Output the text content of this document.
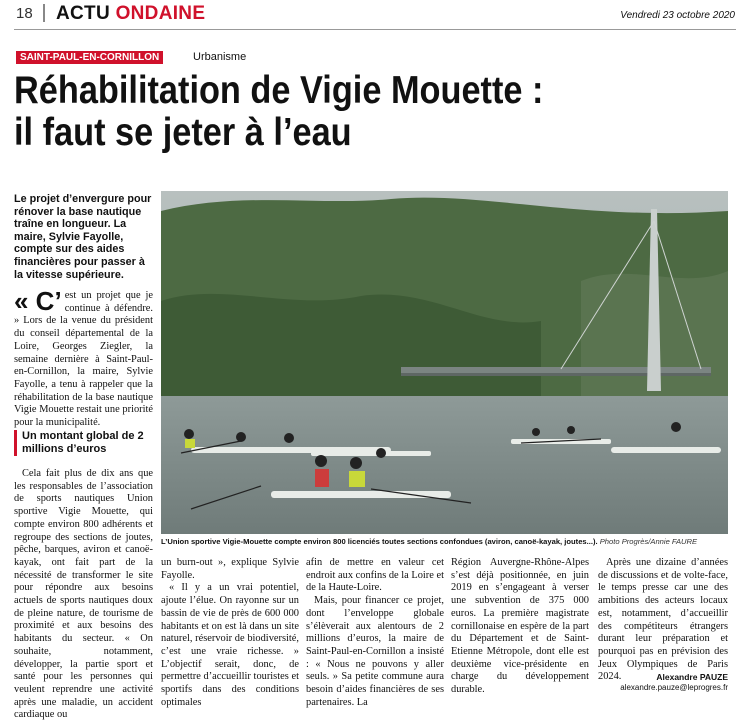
18 ACTU ONDAINE	Vendredi 23 octobre 2020
SAINT-PAUL-EN-CORNILLON	Urbanisme
Réhabilitation de Vigie Mouette :
il faut se jeter à l’eau
Le projet d’envergure pour rénover la base nautique traîne en longueur. La maire, Sylvie Fayolle, compte sur des aides financières pour passer à la vitesse supérieure.
« C’ est un projet que je continue à défendre. » Lors de la venue du président du conseil départemental de la Loire, Georges Ziegler, la semaine dernière à Saint-Paul-en-Cornillon, la maire, Sylvie Fayolle, a tenu à rappeler que la réhabilitation de la base nautique Vigie Mouette restait une priorité pour la municipalité.
Un montant global de 2 millions d’euros

Cela fait plus de dix ans que les responsables de l’association de sports nautiques Union sportive Vigie Mouette, qui compte environ 800 adhérents et regroupe des sections de joutes, pêche, barques, aviron et canoë-kayak, ont fait part de la nécessité de transformer le site pour répondre aux besoins actuels de sports nautiques doux de pleine nature, de tourisme de proximité et aux besoins des habitants du secteur. « On souhaite, notamment, développer, la partie sport et santé pour les personnes qui veulent reprendre une activité après une maladie, un accident cardiaque ou

L’Union sportive Vigie-Mouette compte environ 800 licenciés toutes sections confondues (aviron, canoë-kayak, joutes...). Photo Progrès/Annie FAURE

un burn-out », explique Sylvie Fayolle.

« Il y a un vrai potentiel, ajoute l’élue. On rayonne sur un bassin de vie de près de 600 000 habitants et on est là dans un site naturel, réservoir de biodiversité, c’est une vraie richesse. » L’objectif serait, donc, de permettre d’accueillir touristes et sportifs dans des conditions optimales

afin de mettre en valeur cet endroit aux confins de la Loire et de la Haute-Loire.

Mais, pour financer ce projet, dont l’enveloppe globale s’élèverait aux alentours de 2 millions d’euros, la maire de Saint-Paul-en-Cornillon a insisté : « Nous ne pouvons y aller seuls. » Sa petite commune aura besoin d’aides financières de ses partenaires. La

Région Auvergne-Rhône-Alpes s’est déjà positionnée, en juin 2019 en s’engageant à verser une subvention de 375 000 euros. La première magistrate cornillonaise en espère de la part du Département et de Saint-Etienne Métropole, dont elle est deuxième vice-présidente en charge du développement durable.

Après une dizaine d’années de discussions et de volte-face, le temps presse car une des ambitions des acteurs locaux est, notamment, d’accueillir des compétiteurs étrangers durant leur préparation et pourquoi pas en prévision des Jeux Olympiques de Paris 2024.	Alexandre PAUZE
alexandre.pauze@leprogres.fr
